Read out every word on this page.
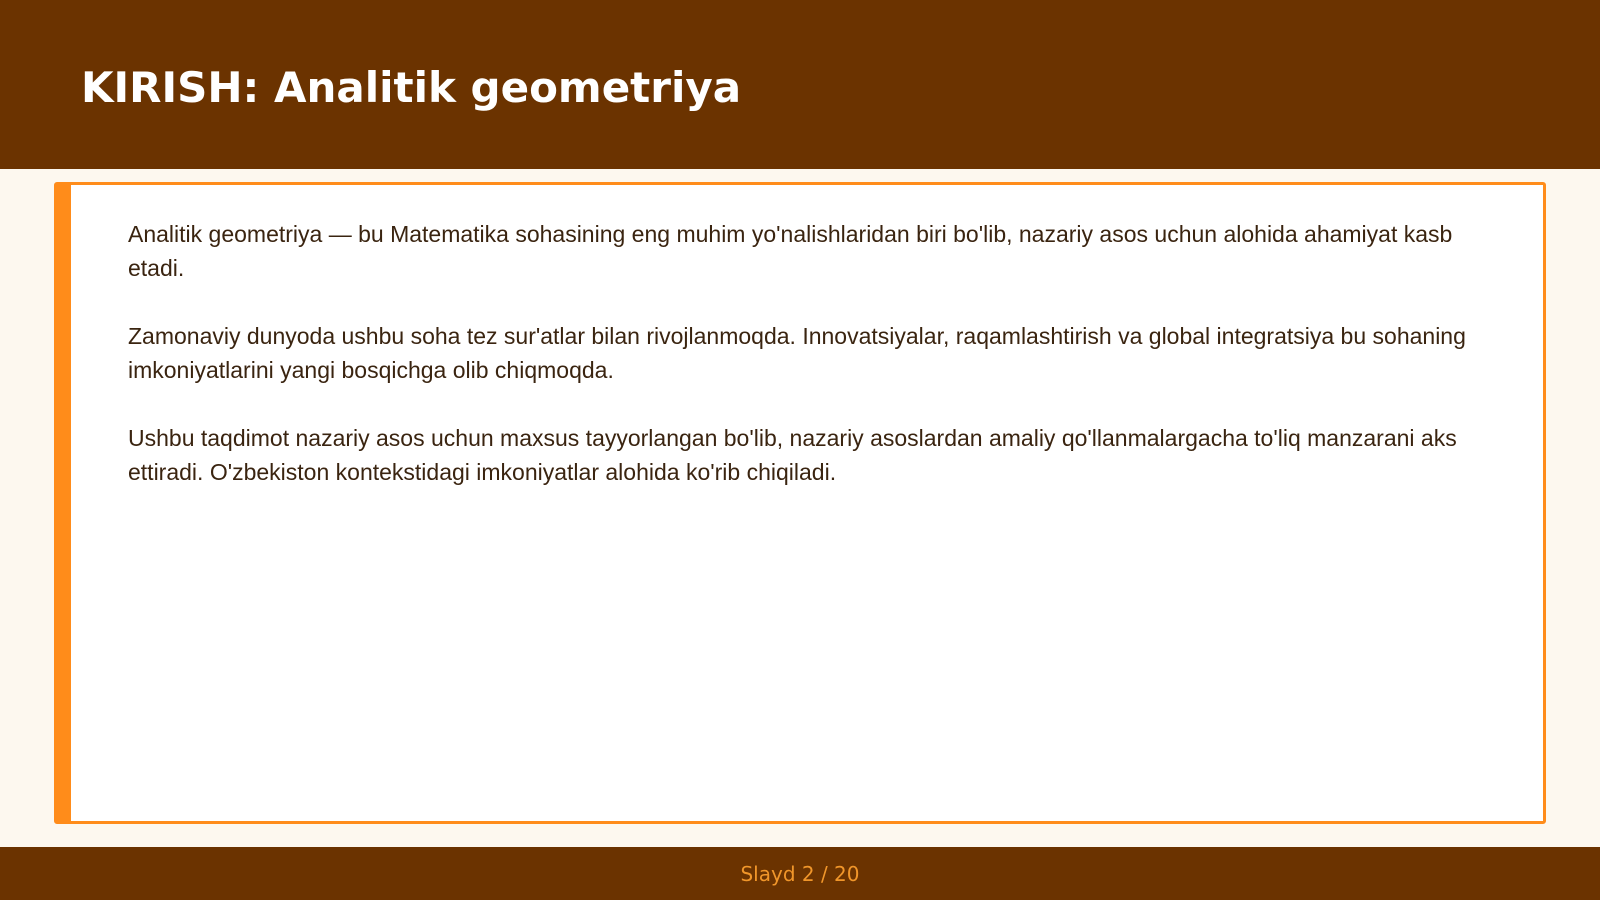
KIRISH: Analitik geometriya

Analitik geometriya — bu Matematika sohasining eng muhim yo'nalishlaridan biri bo'lib, nazariy asos uchun alohida ahamiyat kasb etadi.

Zamonaviy dunyoda ushbu soha tez sur'atlar bilan rivojlanmoqda. Innovatsiyalar, raqamlashtirish va global integratsiya bu sohaning imkoniyatlarini yangi bosqichga olib chiqmoqda.

Ushbu taqdimot nazariy asos uchun maxsus tayyorlangan bo'lib, nazariy asoslardan amaliy qo'llanmalargacha to'liq manzarani aks ettiradi. O'zbekiston kontekstidagi imkoniyatlar alohida ko'rib chiqiladi.

Slayd 2 / 20
